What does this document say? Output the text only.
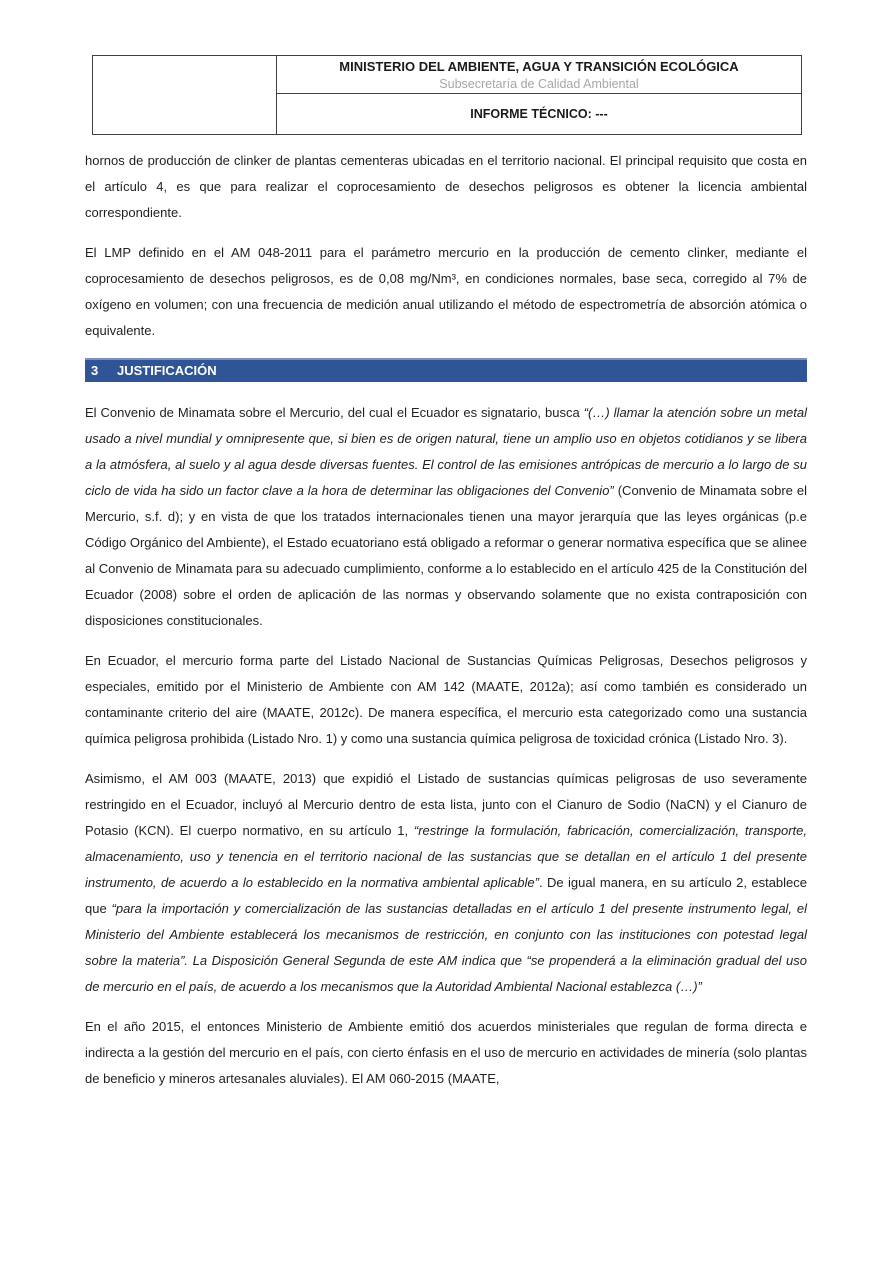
MINISTERIO DEL AMBIENTE, AGUA Y TRANSICIÓN ECOLÓGICA
Subsecretaría de Calidad Ambiental

INFORME TÉCNICO: ---
hornos de producción de clinker de plantas cementeras ubicadas en el territorio nacional. El principal requisito que costa en el artículo 4, es que para realizar el coprocesamiento de desechos peligrosos es obtener la licencia ambiental correspondiente.
El LMP definido en el AM 048-2011 para el parámetro mercurio en la producción de cemento clinker, mediante el coprocesamiento de desechos peligrosos, es de 0,08 mg/Nm³, en condiciones normales, base seca, corregido al 7% de oxígeno en volumen; con una frecuencia de medición anual utilizando el método de espectrometría de absorción atómica o equivalente.
3	JUSTIFICACIÓN
El Convenio de Minamata sobre el Mercurio, del cual el Ecuador es signatario, busca “(…) llamar la atención sobre un metal usado a nivel mundial y omnipresente que, si bien es de origen natural, tiene un amplio uso en objetos cotidianos y se libera a la atmósfera, al suelo y al agua desde diversas fuentes. El control de las emisiones antrópicas de mercurio a lo largo de su ciclo de vida ha sido un factor clave a la hora de determinar las obligaciones del Convenio” (Convenio de Minamata sobre el Mercurio, s.f. d); y en vista de que los tratados internacionales tienen una mayor jerarquía que las leyes orgánicas (p.e Código Orgánico del Ambiente), el Estado ecuatoriano está obligado a reformar o generar normativa específica que se alinee al Convenio de Minamata para su adecuado cumplimiento, conforme a lo establecido en el artículo 425 de la Constitución del Ecuador (2008) sobre el orden de aplicación de las normas y observando solamente que no exista contraposición con disposiciones constitucionales.
En Ecuador, el mercurio forma parte del Listado Nacional de Sustancias Químicas Peligrosas, Desechos peligrosos y especiales, emitido por el Ministerio de Ambiente con AM 142 (MAATE, 2012a); así como también es considerado un contaminante criterio del aire (MAATE, 2012c). De manera específica, el mercurio esta categorizado como una sustancia química peligrosa prohibida (Listado Nro. 1) y como una sustancia química peligrosa de toxicidad crónica (Listado Nro. 3).
Asimismo, el AM 003 (MAATE, 2013) que expidió el Listado de sustancias químicas peligrosas de uso severamente restringido en el Ecuador, incluyó al Mercurio dentro de esta lista, junto con el Cianuro de Sodio (NaCN) y el Cianuro de Potasio (KCN). El cuerpo normativo, en su artículo 1, “restringe la formulación, fabricación, comercialización, transporte, almacenamiento, uso y tenencia en el territorio nacional de las sustancias que se detallan en el artículo 1 del presente instrumento, de acuerdo a lo establecido en la normativa ambiental aplicable”. De igual manera, en su artículo 2, establece que “para la importación y comercialización de las sustancias detalladas en el artículo 1 del presente instrumento legal, el Ministerio del Ambiente establecerá los mecanismos de restricción, en conjunto con las instituciones con potestad legal sobre la materia”. La Disposición General Segunda de este AM indica que “se propenderá a la eliminación gradual del uso de mercurio en el país, de acuerdo a los mecanismos que la Autoridad Ambiental Nacional establezca (…)”
En el año 2015, el entonces Ministerio de Ambiente emitió dos acuerdos ministeriales que regulan de forma directa e indirecta a la gestión del mercurio en el país, con cierto énfasis en el uso de mercurio en actividades de minería (solo plantas de beneficio y mineros artesanales aluviales). El AM 060-2015 (MAATE,
